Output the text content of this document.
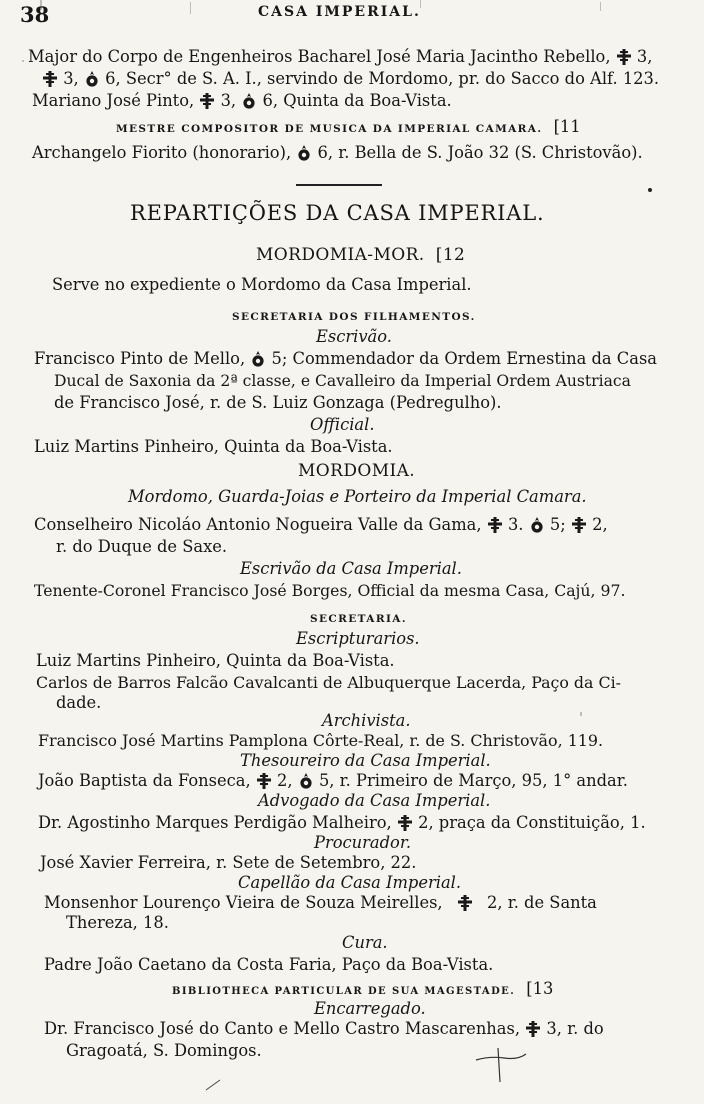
38	CASA IMPERIAL.
Major do Corpo de Engenheiros Bacharel José Maria Jacintho Rebello, 3,
3, 6, Secr° de S. A. I., servindo de Mordomo, pr. do Sacco do Alf. 123.
Mariano José Pinto, 3, 6, Quinta da Boa-Vista.
MESTRE COMPOSITOR DE MUSICA DA IMPERIAL CAMARA. [11
Archangelo Fiorito (honorario), 6, r. Bella de S. João 32 (S. Christovão).
REPARTIÇÕES DA CASA IMPERIAL.
MORDOMIA-MOR. [12
Serve no expediente o Mordomo da Casa Imperial.
SECRETARIA DOS FILHAMENTOS.
Escrivão.
Francisco Pinto de Mello, 5; Commendador da Ordem Ernestina da Casa
Ducal de Saxonia da 2ª classe, e Cavalleiro da Imperial Ordem Austriaca
de Francisco José, r. de S. Luiz Gonzaga (Pedregulho).
Official.
Luiz Martins Pinheiro, Quinta da Boa-Vista.
MORDOMIA.
Mordomo, Guarda-Joias e Porteiro da Imperial Camara.
Conselheiro Nicoláo Antonio Nogueira Valle da Gama, 3. 5; 2,
r. do Duque de Saxe.
Escrivão da Casa Imperial.
Tenente-Coronel Francisco José Borges, Official da mesma Casa, Cajú, 97.
SECRETARIA.
Escripturarios.
Luiz Martins Pinheiro, Quinta da Boa-Vista.
Carlos de Barros Falcão Cavalcanti de Albuquerque Lacerda, Paço da Ci-
dade.
Archivista.
Francisco José Martins Pamplona Côrte-Real, r. de S. Christovão, 119.
Thesoureiro da Casa Imperial.
João Baptista da Fonseca, 2, 5, r. Primeiro de Março, 95, 1° andar.
Advogado da Casa Imperial.
Dr. Agostinho Marques Perdigão Malheiro, 2, praça da Constituição, 1.
Procurador.
José Xavier Ferreira, r. Sete de Setembro, 22.
Capellão da Casa Imperial.
Monsenhor Lourenço Vieira de Souza Meirelles,	2, r. de Santa
Thereza, 18.
Cura.
Padre João Caetano da Costa Faria, Paço da Boa-Vista.
BIBLIOTHECA PARTICULAR DE SUA MAGESTADE. [13
Encarregado.
Dr. Francisco José do Canto e Mello Castro Mascarenhas, 3, r. do
Gragoatá, S. Domingos.
